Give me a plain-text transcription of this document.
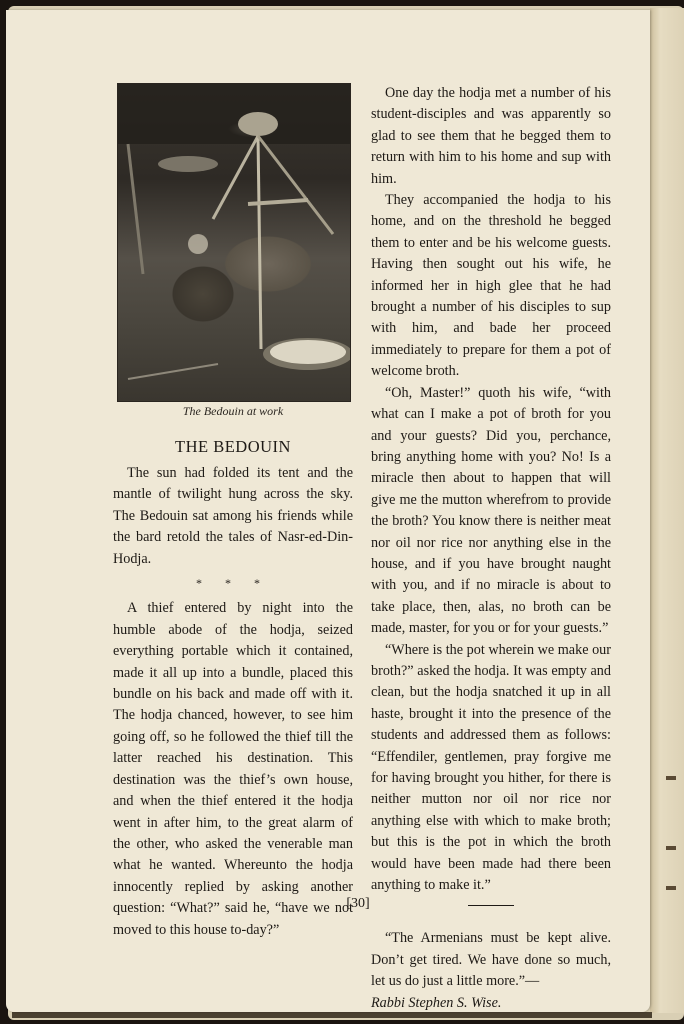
The Bedouin at work
THE BEDOUIN

The sun had folded its tent and the mantle of twilight hung across the sky. The Bedouin sat among his friends while the bard retold the tales of Nasr-ed-Din-Hodja.

* * *

A thief entered by night into the humble abode of the hodja, seized everything portable which it contained, made it all up into a bundle, placed this bundle on his back and made off with it. The hodja chanced, however, to see him going off, so he followed the thief till the latter reached his destination. This destination was the thief’s own house, and when the thief entered it the hodja went in after him, to the great alarm of the other, who asked the venerable man what he wanted. Whereunto the hodja innocently replied by asking another question: “What?” said he, “have we not moved to this house to-day?”

One day the hodja met a number of his student-disciples and was apparently so glad to see them that he begged them to return with him to his home and sup with him.

They accompanied the hodja to his home, and on the threshold he begged them to enter and be his welcome guests. Having then sought out his wife, he informed her in high glee that he had brought a number of his disciples to sup with him, and bade her proceed immediately to prepare for them a pot of welcome broth.

“Oh, Master!” quoth his wife, “with what can I make a pot of broth for you and your guests? Did you, perchance, bring anything home with you? No! Is a miracle then about to happen that will give me the mutton wherefrom to provide the broth? You know there is neither meat nor oil nor rice nor anything else in the house, and if you have brought naught with you, and if no miracle is about to take place, then, alas, no broth can be made, master, for you or for your guests.”

“Where is the pot wherein we make our broth?” asked the hodja. It was empty and clean, but the hodja snatched it up in all haste, brought it into the presence of the students and addressed them as follows: “Effendiler, gentlemen, pray forgive me for having brought you hither, for there is neither mutton nor oil nor rice nor anything else with which to make broth; but this is the pot in which the broth would have been made had there been anything to make it.”

“The Armenians must be kept alive. Don’t get tired. We have done so much, let us do just a little more.”—

Rabbi Stephen S. Wise.

[30]
